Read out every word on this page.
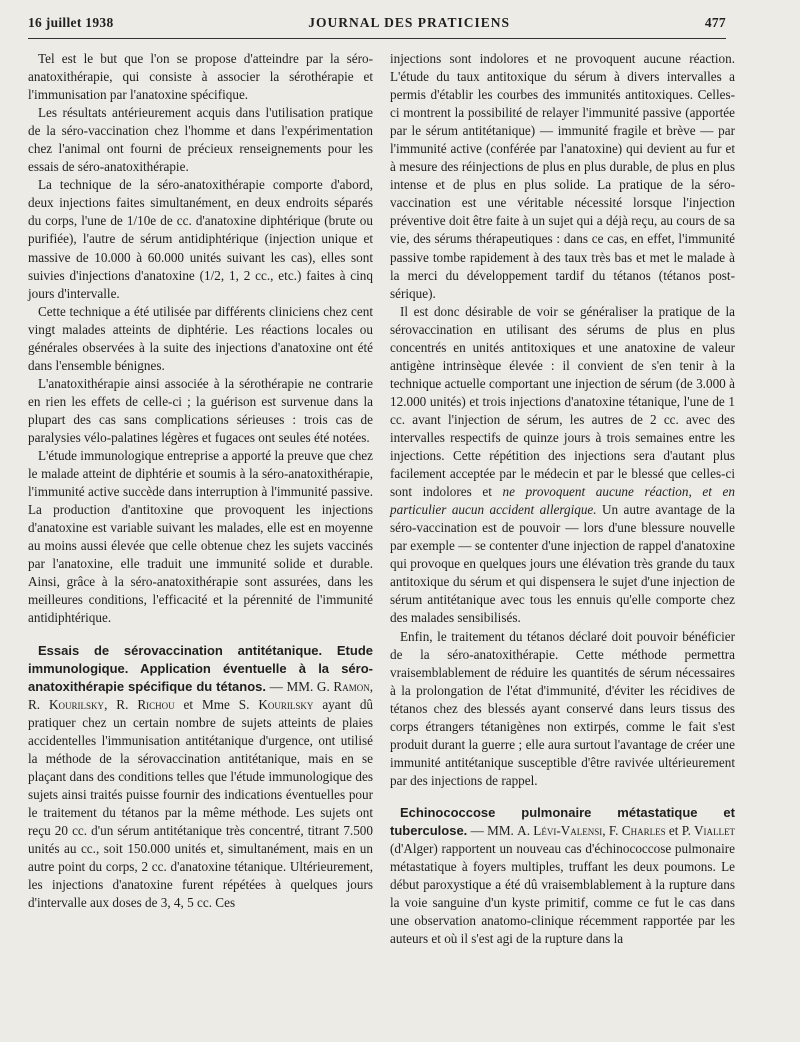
16 juillet 1938	JOURNAL DES PRATICIENS	477

Tel est le but que l'on se propose d'atteindre par la séro-anatoxithérapie, qui consiste à associer la sérothérapie et l'immunisation par l'anatoxine spécifique.

Les résultats antérieurement acquis dans l'utilisation pratique de la séro-vaccination chez l'homme et dans l'expérimentation chez l'animal ont fourni de précieux renseignements pour les essais de séro-anatoxithérapie.

La technique de la séro-anatoxithérapie comporte d'abord, deux injections faites simultanément, en deux endroits séparés du corps, l'une de 1/10e de cc. d'anatoxine diphtérique (brute ou purifiée), l'autre de sérum antidiphtérique (injection unique et massive de 10.000 à 60.000 unités suivant les cas), elles sont suivies d'injections d'anatoxine (1/2, 1, 2 cc., etc.) faites à cinq jours d'intervalle.

Cette technique a été utilisée par différents cliniciens chez cent vingt malades atteints de diphtérie. Les réactions locales ou générales observées à la suite des injections d'anatoxine ont été dans l'ensemble bénignes.

L'anatoxithérapie ainsi associée à la sérothérapie ne contrarie en rien les effets de celle-ci ; la guérison est survenue dans la plupart des cas sans complications sérieuses : trois cas de paralysies vélo-palatines légères et fugaces ont seules été notées.

L'étude immunologique entreprise a apporté la preuve que chez le malade atteint de diphtérie et soumis à la séro-anatoxithérapie, l'immunité active succède dans interruption à l'immunité passive. La production d'antitoxine que provoquent les injections d'anatoxine est variable suivant les malades, elle est en moyenne au moins aussi élevée que celle obtenue chez les sujets vaccinés par l'anatoxine, elle traduit une immunité solide et durable. Ainsi, grâce à la séro-anatoxithérapie sont assurées, dans les meilleures conditions, l'efficacité et la pérennité de l'immunité antidiphtérique.

Essais de sérovaccination antitétanique. Etude immunologique. Application éventuelle à la séro-anatoxithérapie spécifique du tétanos. — MM. G. Ramon, R. Kourilsky, R. Richou et Mme S. Kourilsky ayant dû pratiquer chez un certain nombre de sujets atteints de plaies accidentelles l'immunisation antitétanique d'urgence, ont utilisé la méthode de la sérovaccination antitétanique, mais en se plaçant dans des conditions telles que l'étude immunologique des sujets ainsi traités puisse fournir des indications éventuelles pour le traitement du tétanos par la même méthode. Les sujets ont reçu 20 cc. d'un sérum antitétanique très concentré, titrant 7.500 unités au cc., soit 150.000 unités et, simultanément, mais en un autre point du corps, 2 cc. d'anatoxine tétanique. Ultérieurement, les injections d'anatoxine furent répétées à quelques jours d'intervalle aux doses de 3, 4, 5 cc. Ces

injections sont indolores et ne provoquent aucune réaction. L'étude du taux antitoxique du sérum à divers intervalles a permis d'établir les courbes des immunités antitoxiques. Celles-ci montrent la possibilité de relayer l'immunité passive (apportée par le sérum antitétanique) — immunité fragile et brève — par l'immunité active (conférée par l'anatoxine) qui devient au fur et à mesure des réinjections de plus en plus durable, de plus en plus intense et de plus en plus solide. La pratique de la séro-vaccination est une véritable nécessité lorsque l'injection préventive doit être faite à un sujet qui a déjà reçu, au cours de sa vie, des sérums thérapeutiques : dans ce cas, en effet, l'immunité passive tombe rapidement à des taux très bas et met le malade à la merci du développement tardif du tétanos (tétanos post-sérique).

Il est donc désirable de voir se généraliser la pratique de la sérovaccination en utilisant des sérums de plus en plus concentrés en unités antitoxiques et une anatoxine de valeur antigène intrinsèque élevée : il convient de s'en tenir à la technique actuelle comportant une injection de sérum (de 3.000 à 12.000 unités) et trois injections d'anatoxine tétanique, l'une de 1 cc. avant l'injection de sérum, les autres de 2 cc. avec des intervalles respectifs de quinze jours à trois semaines entre les injections. Cette répétition des injections sera d'autant plus facilement acceptée par le médecin et par le blessé que celles-ci sont indolores et ne provoquent aucune réaction, et en particulier aucun accident allergique. Un autre avantage de la séro-vaccination est de pouvoir — lors d'une blessure nouvelle par exemple — se contenter d'une injection de rappel d'anatoxine qui provoque en quelques jours une élévation très grande du taux antitoxique du sérum et qui dispensera le sujet d'une injection de sérum antitétanique avec tous les ennuis qu'elle comporte chez des malades sensibilisés.

Enfin, le traitement du tétanos déclaré doit pouvoir bénéficier de la séro-anatoxithérapie. Cette méthode permettra vraisemblablement de réduire les quantités de sérum nécessaires à la prolongation de l'état d'immunité, d'éviter les récidives de tétanos chez des blessés ayant conservé dans leurs tissus des corps étrangers tétanigènes non extirpés, comme le fait s'est produit durant la guerre ; elle aura surtout l'avantage de créer une immunité antitétanique susceptible d'être ravivée ultérieurement par des injections de rappel.

Echinococcose pulmonaire métastatique et tuberculose. — MM. A. Lévi-Valensi, F. Charles et P. Viallet (d'Alger) rapportent un nouveau cas d'échinococcose pulmonaire métastatique à foyers multiples, truffant les deux poumons. Le début paroxystique a été dû vraisemblablement à la rupture dans la voie sanguine d'un kyste primitif, comme ce fut le cas dans une observation anatomo-clinique récemment rapportée par les auteurs et où il s'est agi de la rupture dans la
